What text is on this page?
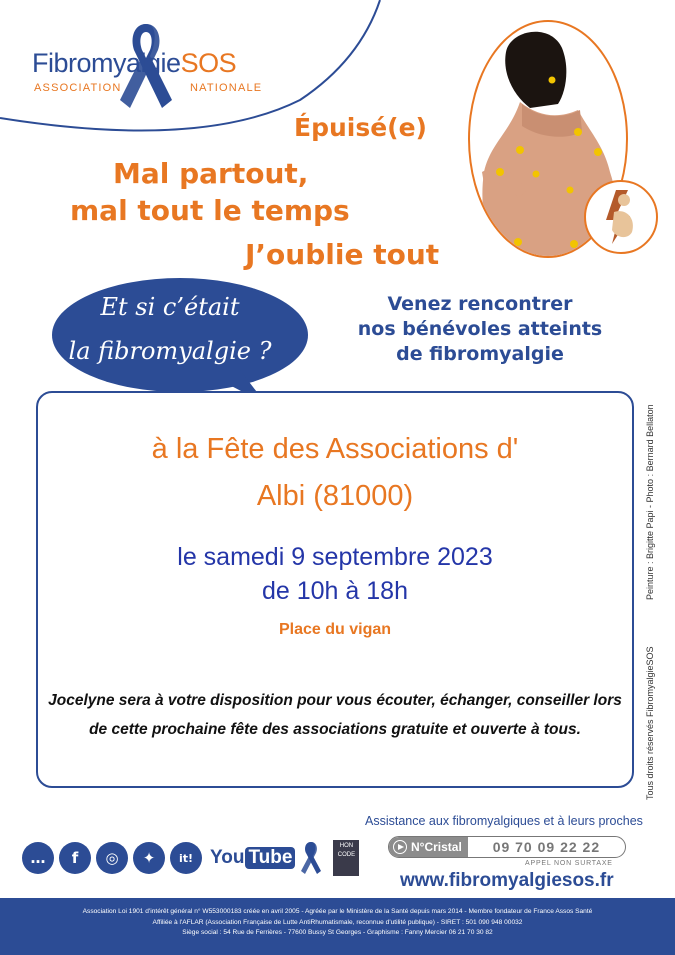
FibromyalgieSOS
ASSOCIATION	NATIONALE
Épuisé(e)
Mal partout,
mal tout le temps
J’oublie tout
Et si c’était
la fibromyalgie ?
Venez rencontrer
nos bénévoles atteints
de fibromyalgie
à la Fête des Associations d'
Albi (81000)
le samedi 9 septembre 2023
de 10h à 18h
Place du vigan
Jocelyne sera à votre disposition pour vous écouter, échanger, conseiller lors de cette prochaine fête des associations gratuite et ouverte à tous.
Peinture : Brigitte Papi - Photo : Bernard Bellaton
Tous droits réservés FibromyalgieSOS
Assistance aux fibromyalgiques et à leurs proches
…	f	◎	✦	it! You Tube
HON CODE
N°Cristal	09 70 09 22 22
APPEL NON SURTAXE
www.fibromyalgiesos.fr
Association Loi 1901 d'intérêt général n° W553000183 créée en avril 2005 - Agréée par le Ministère de la Santé depuis mars 2014 - Membre fondateur de France Assos Santé
Affiliée à l'AFLAR (Association Française de Lutte AntiRhumatismale, reconnue d'utilité publique) - SIRET : 501 090 948 00032
Siège social : 54 Rue de Ferrières - 77600 Bussy St Georges - Graphisme : Fanny Mercier 06 21 70 30 82
